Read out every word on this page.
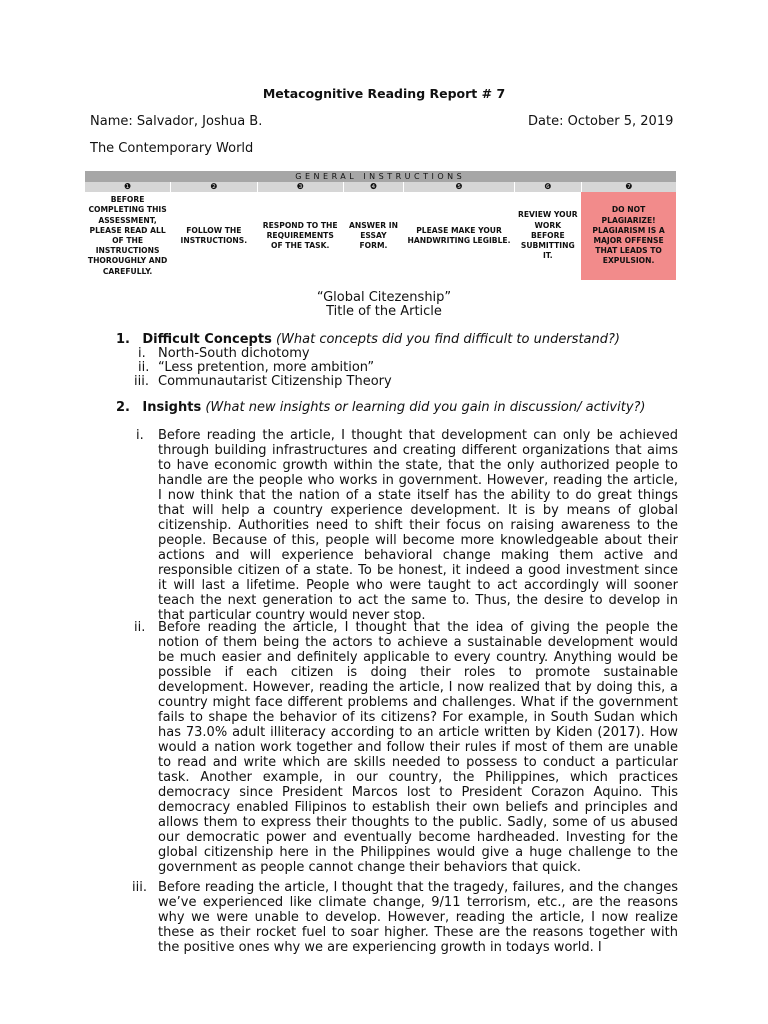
Metacognitive Reading Report # 7
Name: Salvador, Joshua B.	Date: October 5, 2019
The Contemporary World
GENERAL INSTRUCTIONS						
❶	❷	❸	❹	❺	❻	❼
BEFORE COMPLETING THIS ASSESSMENT, PLEASE READ ALL OF THE INSTRUCTIONS THOROUGHLY AND CAREFULLY.	FOLLOW THE INSTRUCTIONS.	RESPOND TO THE REQUIREMENTS OF THE TASK.	ANSWER IN ESSAY FORM.	PLEASE MAKE YOUR HANDWRITING LEGIBLE.	REVIEW YOUR WORK BEFORE SUBMITTING IT.	DO NOT PLAGIARIZE! PLAGIARISM IS A MAJOR OFFENSE THAT LEADS TO EXPULSION.
“Global Citezenship”
Title of the Article
1. Difficult Concepts (What concepts did you find difficult to understand?)
i. North-South dichotomy
ii. “Less pretention, more ambition”
iii. Communautarist Citizenship Theory
2. Insights (What new insights or learning did you gain in discussion/ activity?)
i. Before reading the article, I thought that development can only be achieved through building infrastructures and creating different organizations that aims to have economic growth within the state, that the only authorized people to handle are the people who works in government. However, reading the article, I now think that the nation of a state itself has the ability to do great things that will help a country experience development. It is by means of global citizenship. Authorities need to shift their focus on raising awareness to the people. Because of this, people will become more knowledgeable about their actions and will experience behavioral change making them active and responsible citizen of a state. To be honest, it indeed a good investment since it will last a lifetime. People who were taught to act accordingly will sooner teach the next generation to act the same to. Thus, the desire to develop in that particular country would never stop.

ii. Before reading the article, I thought that the idea of giving the people the notion of them being the actors to achieve a sustainable development would be much easier and definitely applicable to every country. Anything would be possible if each citizen is doing their roles to promote sustainable development. However, reading the article, I now realized that by doing this, a country might face different problems and challenges. What if the government fails to shape the behavior of its citizens? For example, in South Sudan which has 73.0% adult illiteracy according to an article written by Kiden (2017). How would a nation work together and follow their rules if most of them are unable to read and write which are skills needed to possess to conduct a particular task. Another example, in our country, the Philippines, which practices democracy since President Marcos lost to President Corazon Aquino. This democracy enabled Filipinos to establish their own beliefs and principles and allows them to express their thoughts to the public. Sadly, some of us abused our democratic power and eventually become hardheaded. Investing for the global citizenship here in the Philippines would give a huge challenge to the government as people cannot change their behaviors that quick.

iii. Before reading the article, I thought that the tragedy, failures, and the changes we’ve experienced like climate change, 9/11 terrorism, etc., are the reasons why we were unable to develop. However, reading the article, I now realize these as their rocket fuel to soar higher. These are the reasons together with the positive ones why we are experiencing growth in todays world. I
